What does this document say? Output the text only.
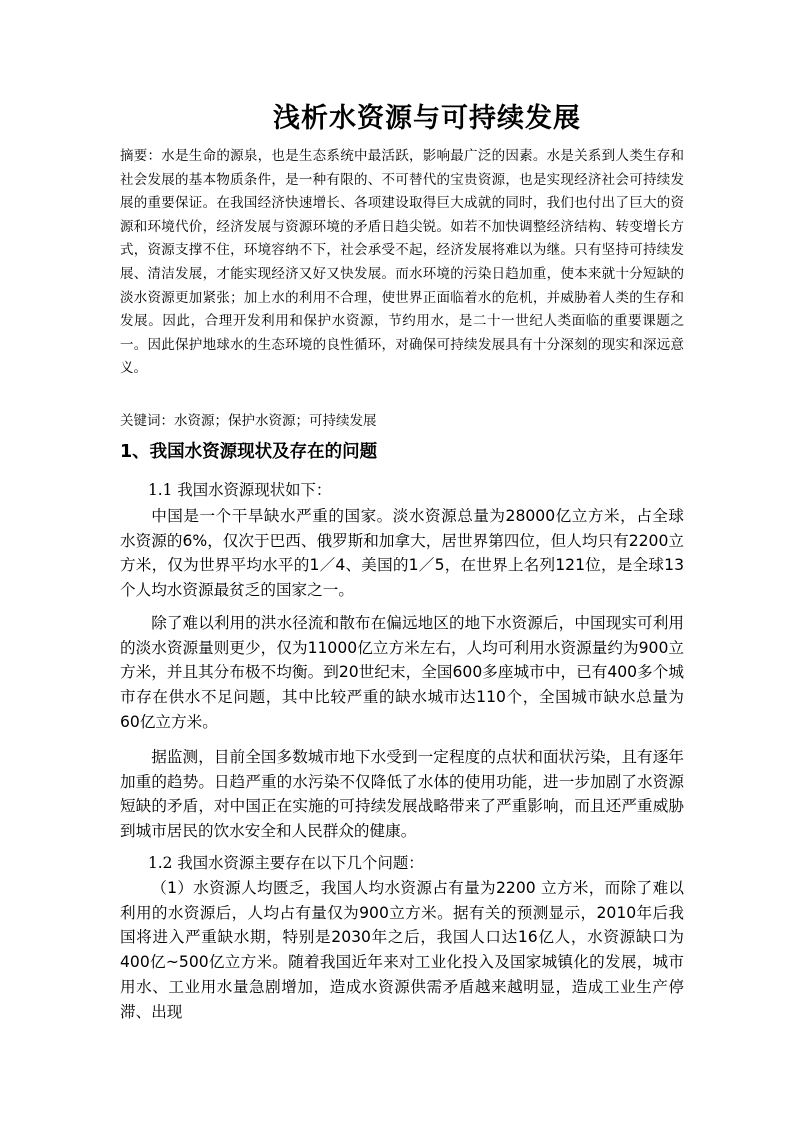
浅析水资源与可持续发展

摘要：水是生命的源泉，也是生态系统中最活跃，影响最广泛的因素。水是关系到人类生存和社会发展的基本物质条件，是一种有限的、不可替代的宝贵资源，也是实现经济社会可持续发展的重要保证。在我国经济快速增长、各项建设取得巨大成就的同时，我们也付出了巨大的资源和环境代价，经济发展与资源环境的矛盾日趋尖锐。如若不加快调整经济结构、转变增长方式，资源支撑不住，环境容纳不下，社会承受不起，经济发展将难以为继。只有坚持可持续发展、清洁发展，才能实现经济又好又快发展。而水环境的污染日趋加重，使本来就十分短缺的淡水资源更加紧张；加上水的利用不合理，使世界正面临着水的危机，并威胁着人类的生存和发展。因此，合理开发利用和保护水资源，节约用水，是二十一世纪人类面临的重要课题之一。因此保护地球水的生态环境的良性循环，对确保可持续发展具有十分深刻的现实和深远意义。

关键词：水资源；保护水资源；可持续发展

1、我国水资源现状及存在的问题
1.1 我国水资源现状如下：

中国是一个干旱缺水严重的国家。淡水资源总量为28000亿立方米，占全球水资源的6%，仅次于巴西、俄罗斯和加拿大，居世界第四位，但人均只有2200立方米，仅为世界平均水平的1／4、美国的1／5，在世界上名列121位，是全球13个人均水资源最贫乏的国家之一。

除了难以利用的洪水径流和散布在偏远地区的地下水资源后，中国现实可利用的淡水资源量则更少，仅为11000亿立方米左右，人均可利用水资源量约为900立方米，并且其分布极不均衡。到20世纪末，全国600多座城市中，已有400多个城市存在供水不足问题，其中比较严重的缺水城市达110个，全国城市缺水总量为60亿立方米。

据监测，目前全国多数城市地下水受到一定程度的点状和面状污染，且有逐年加重的趋势。日趋严重的水污染不仅降低了水体的使用功能，进一步加剧了水资源短缺的矛盾，对中国正在实施的可持续发展战略带来了严重影响，而且还严重威胁到城市居民的饮水安全和人民群众的健康。

1.2 我国水资源主要存在以下几个问题：

（1）水资源人均匮乏，我国人均水资源占有量为2200 立方米，而除了难以利用的水资源后，人均占有量仅为900立方米。据有关的预测显示，2010年后我国将进入严重缺水期，特别是2030年之后，我国人口达16亿人，水资源缺口为400亿~500亿立方米。随着我国近年来对工业化投入及国家城镇化的发展，城市用水、工业用水量急剧增加，造成水资源供需矛盾越来越明显，造成工业生产停滞、出现
